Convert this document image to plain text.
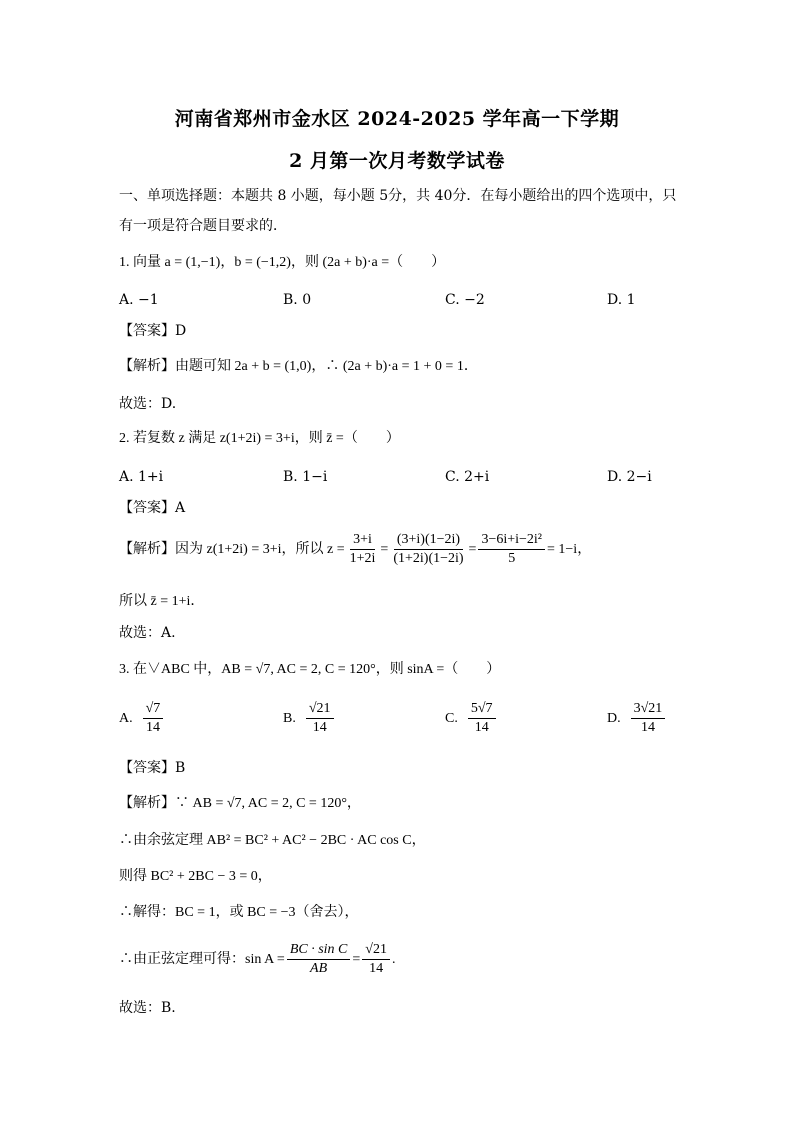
河南省郑州市金水区 2024-2025 学年高一下学期
2 月第一次月考数学试卷
一、单项选择题：本题共 8 小题，每小题 5分，共 40分．在每小题给出的四个选项中，只
有一项是符合题目要求的．
1. 向量 a = (1,−1)，b = (−1,2)，则 (2a + b)·a =（　　）
A. −1	B. 0	C. −2	D. 1
【答案】D
【解析】由题可知 2a + b = (1,0)，∴ (2a + b)·a = 1 + 0 = 1．
故选：D.
2. 若复数 z 满足 z(1+2i) = 3+i，则 z̄ =（　　）
A. 1+i	B. 1−i	C. 2+i	D. 2−i
【答案】A
【解析】因为 z(1+2i) = 3+i，所以 $z = \frac{3+i}{1+2i} = \frac{(3+i)(1-2i)}{(1+2i)(1-2i)} = \frac{\text{3−6i+i−2i²}}{5} = 1-i$，
所以 z̄ = 1+i．
故选：A.
3. 在∨ABC 中，AB = √7, AC = 2, C = 120°，则 sinA =（　　）
A. $\frac{√7}{14}$	B. $\frac{√21}{14}$	C. $\frac{5√7}{14}$	D. $\frac{3√21}{14}$
【答案】B
【解析】∵ AB = √7, AC = 2, C = 120°，
∴由余弦定理 AB² = BC² + AC² − 2BC · AC cos C，
则得 BC² + 2BC − 3 = 0，
∴解得：BC = 1，或 BC = −3（舍去），
∴由正弦定理可得：$\sin A = \frac{\text{BC · sin C}}{AB} = \frac{√21}{14}$ .
故选：B.
